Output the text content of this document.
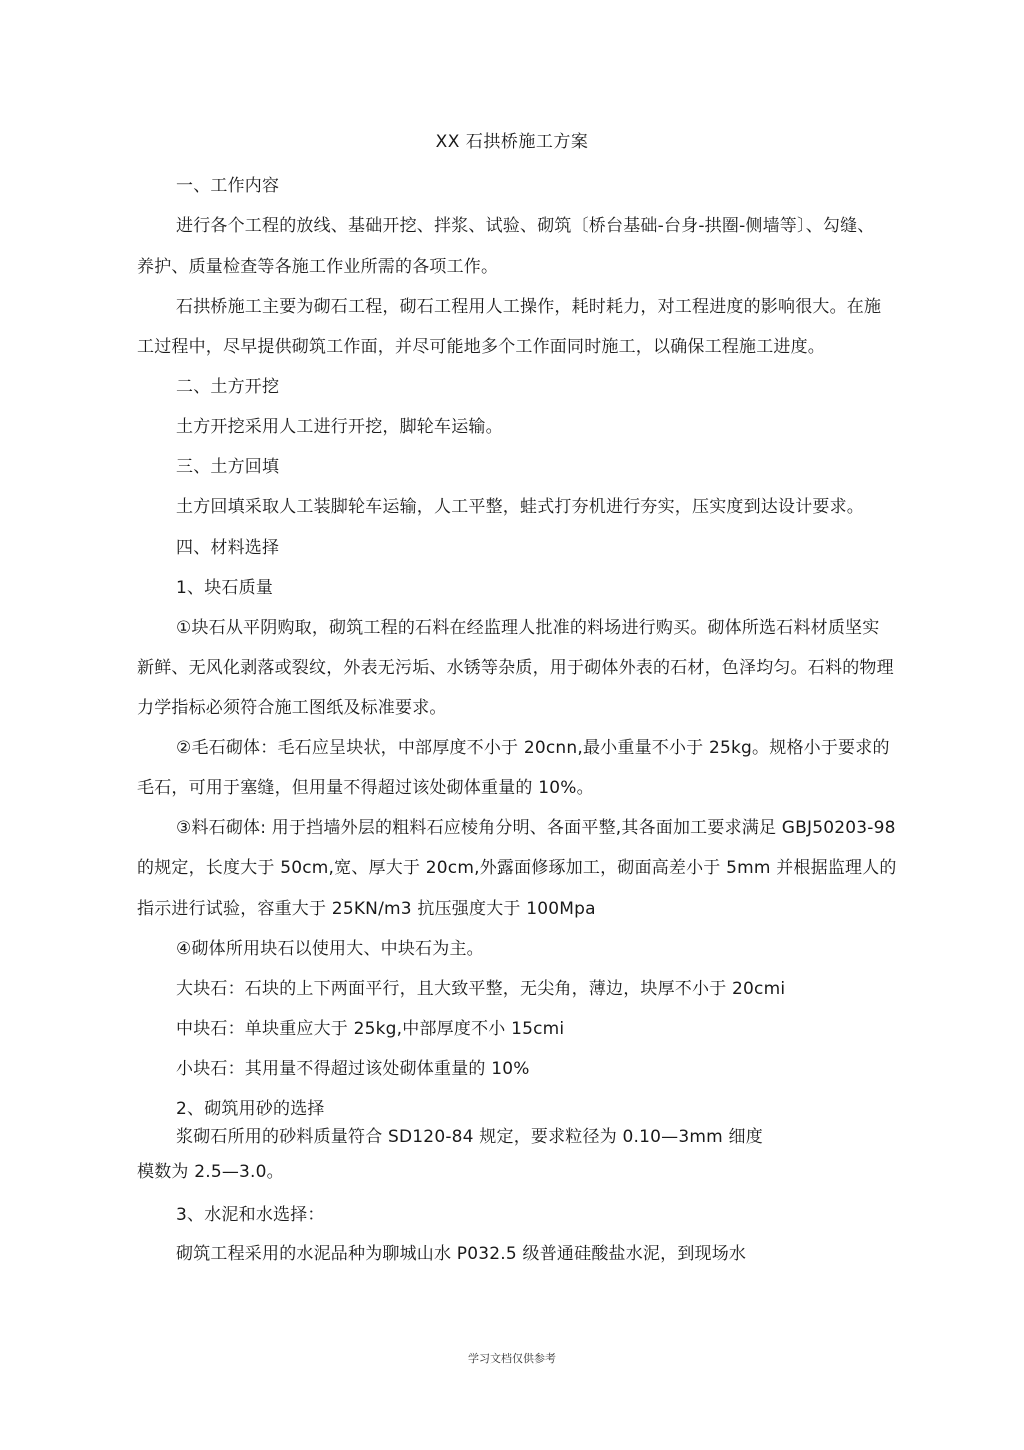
XX 石拱桥施工方案
一、工作内容
进行各个工程的放线、基础开挖、拌浆、试验、砌筑〔桥台基础-台身-拱圈-侧墙等〕、勾缝、
养护、质量检查等各施工作业所需的各项工作。
石拱桥施工主要为砌石工程，砌石工程用人工操作，耗时耗力，对工程进度的影响很大。在施
工过程中，尽早提供砌筑工作面，并尽可能地多个工作面同时施工，以确保工程施工进度。
二、土方开挖
土方开挖采用人工进行开挖，脚轮车运输。
三、土方回填
土方回填采取人工装脚轮车运输，人工平整，蛙式打夯机进行夯实，压实度到达设计要求。
四、材料选择
1、块石质量
①块石从平阴购取，砌筑工程的石料在经监理人批准的料场进行购买。砌体所选石料材质坚实
新鲜、无风化剥落或裂纹，外表无污垢、水锈等杂质，用于砌体外表的石材，色泽均匀。石料的物理
力学指标必须符合施工图纸及标准要求。
②毛石砌体：毛石应呈块状，中部厚度不小于 20cnn,最小重量不小于 25kg。规格小于要求的
毛石，可用于塞缝，但用量不得超过该处砌体重量的 10%。
③料石砌体: 用于挡墙外层的粗料石应棱角分明、各面平整,其各面加工要求满足 GBJ50203-98
的规定，长度大于 50cm,宽、厚大于 20cm,外露面修琢加工，砌面高差小于 5mm 并根据监理人的
指示进行试验，容重大于 25KN/m3 抗压强度大于 100Mpa
④砌体所用块石以使用大、中块石为主。
大块石：石块的上下两面平行，且大致平整，无尖角，薄边，块厚不小于 20cmi
中块石：单块重应大于 25kg,中部厚度不小 15cmi
小块石：其用量不得超过该处砌体重量的 10%
2、砌筑用砂的选择
浆砌石所用的砂料质量符合 SD120-84 规定，要求粒径为 0.10—3mm 细度
模数为 2.5—3.0。
3、水泥和水选择：
砌筑工程采用的水泥品种为聊城山水 P032.5 级普通硅酸盐水泥，到现场水
学习文档仅供参考
